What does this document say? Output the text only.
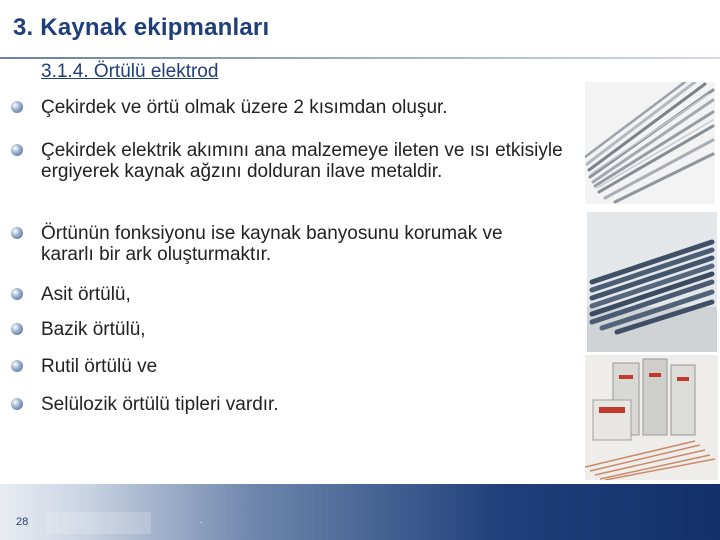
3. Kaynak ekipmanları
3.1.4. Örtülü elektrod
Çekirdek ve örtü olmak üzere 2 kısımdan oluşur.
Çekirdek elektrik akımını ana malzemeye ileten ve ısı etkisiyle ergiyerek kaynak ağzını dolduran ilave metaldir.
Örtünün fonksiyonu ise kaynak banyosunu korumak ve kararlı bir ark oluşturmaktır.
Asit örtülü,
Bazik örtülü,
Rutil örtülü ve
Selülozik örtülü tipleri vardır.
28	.
